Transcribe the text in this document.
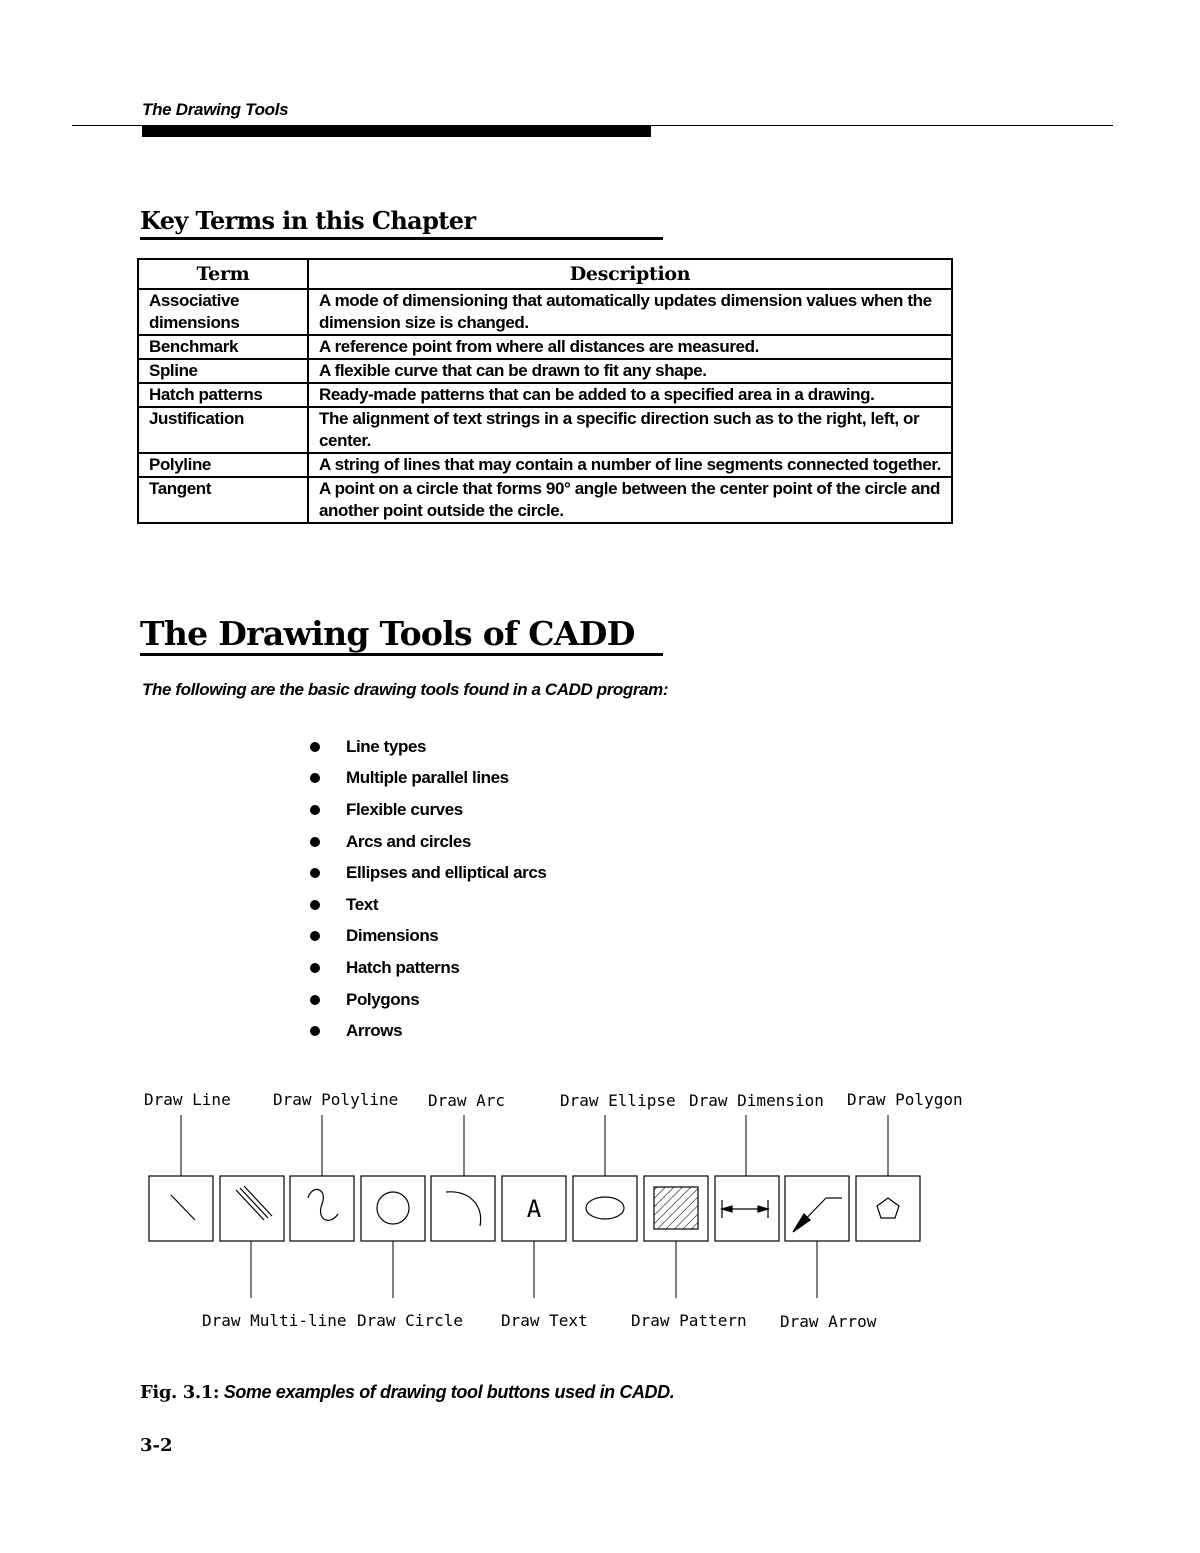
The Drawing Tools
Key Terms in this Chapter
Term	Description
Associative dimensions	A mode of dimensioning that automatically updates dimension values when the dimension size is changed.
Benchmark	A reference point from where all distances are measured.
Spline	A flexible curve that can be drawn to fit any shape.
Hatch patterns	Ready-made patterns that can be added to a specified area in a drawing.
Justification	The alignment of text strings in a specific direction such as to the right, left, or center.
Polyline	A string of lines that may contain a number of line segments connected together.
Tangent	A point on a circle that forms 90° angle between the center point of the circle and another point outside the circle.
The Drawing Tools of CADD
The following are the basic drawing tools found in a CADD program:
Line types
Multiple parallel lines
Flexible curves
Arcs and circles
Ellipses and elliptical arcs
Text
Dimensions
Hatch patterns
Polygons
Arrows
Draw Line	Draw Polyline Draw Arc	Draw Ellipse Draw Dimension Draw Polygon
A
Draw Multi-line Draw Circle Draw Text	Draw Pattern Draw Arrow
Fig. 3.1: Some examples of drawing tool buttons used in CADD.
3-2
